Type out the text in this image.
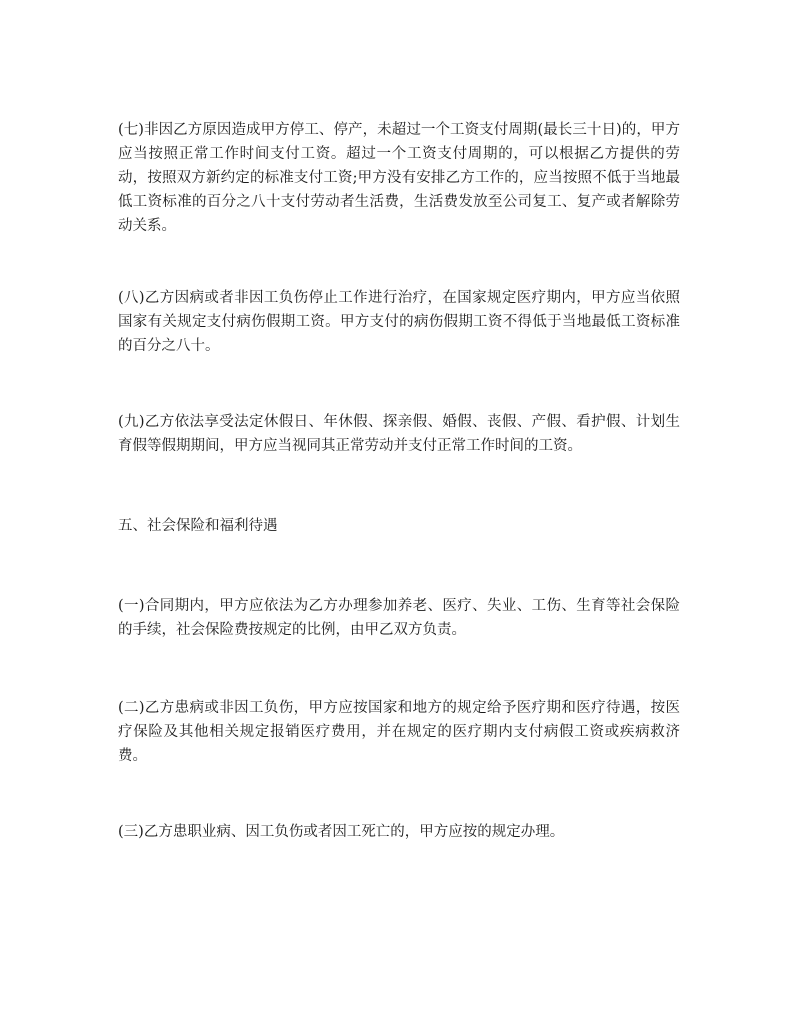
(七)非因乙方原因造成甲方停工、停产，未超过一个工资支付周期(最长三十日)的，甲方应当按照正常工作时间支付工资。超过一个工资支付周期的，可以根据乙方提供的劳动，按照双方新约定的标准支付工资;甲方没有安排乙方工作的，应当按照不低于当地最低工资标准的百分之八十支付劳动者生活费，生活费发放至公司复工、复产或者解除劳动关系。

(八)乙方因病或者非因工负伤停止工作进行治疗，在国家规定医疗期内，甲方应当依照国家有关规定支付病伤假期工资。甲方支付的病伤假期工资不得低于当地最低工资标准的百分之八十。

(九)乙方依法享受法定休假日、年休假、探亲假、婚假、丧假、产假、看护假、计划生育假等假期期间，甲方应当视同其正常劳动并支付正常工作时间的工资。

五、社会保险和福利待遇

(一)合同期内，甲方应依法为乙方办理参加养老、医疗、失业、工伤、生育等社会保险的手续，社会保险费按规定的比例，由甲乙双方负责。

(二)乙方患病或非因工负伤，甲方应按国家和地方的规定给予医疗期和医疗待遇，按医疗保险及其他相关规定报销医疗费用，并在规定的医疗期内支付病假工资或疾病救济费。

(三)乙方患职业病、因工负伤或者因工死亡的，甲方应按的规定办理。
